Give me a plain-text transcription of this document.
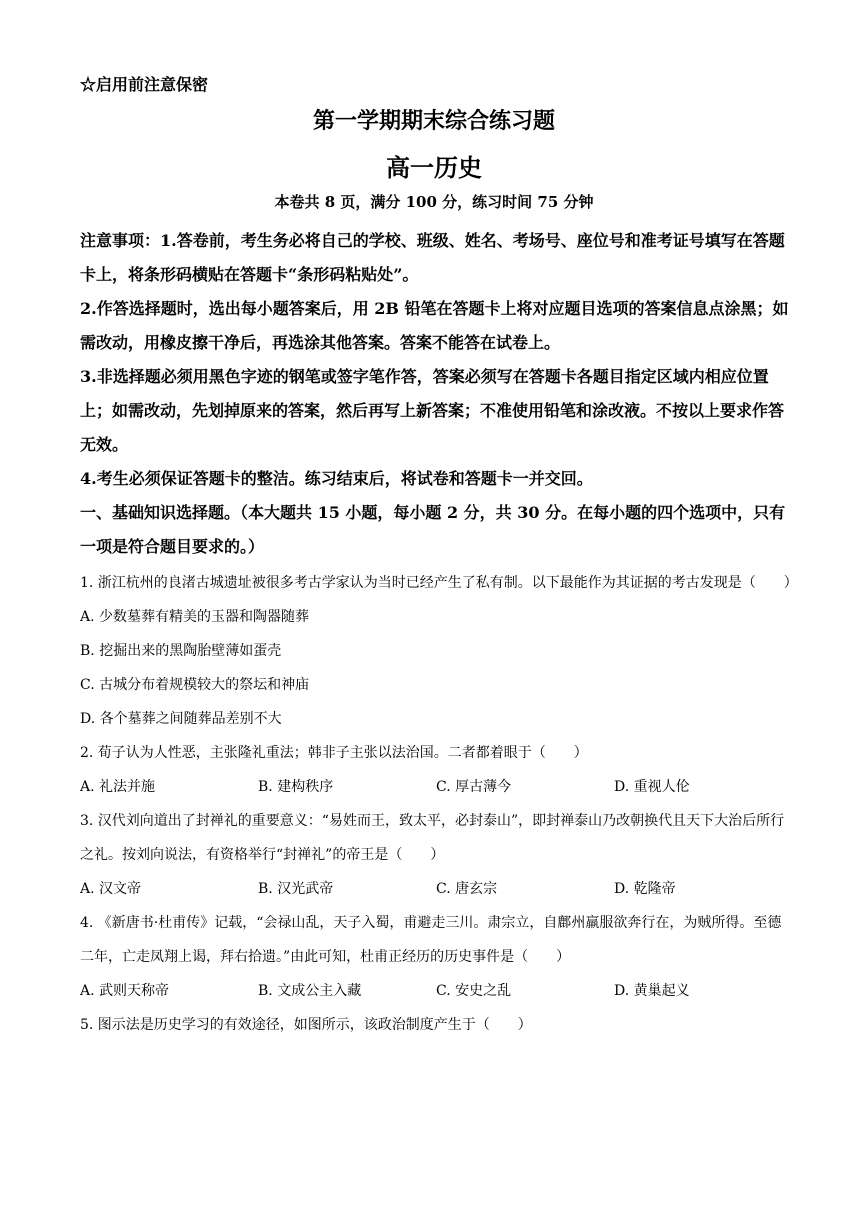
☆启用前注意保密
第一学期期末综合练习题
高一历史
本卷共 8 页，满分 100 分，练习时间 75 分钟

注意事项：1.答卷前，考生务必将自己的学校、班级、姓名、考场号、座位号和准考证号填写在答题卡上，将条形码横贴在答题卡“条形码粘贴处”。

2.作答选择题时，选出每小题答案后，用 2B 铅笔在答题卡上将对应题目选项的答案信息点涂黑；如需改动，用橡皮擦干净后，再选涂其他答案。答案不能答在试卷上。

3.非选择题必须用黑色字迹的钢笔或签字笔作答，答案必须写在答题卡各题目指定区域内相应位置上；如需改动，先划掉原来的答案，然后再写上新答案；不准使用铅笔和涂改液。不按以上要求作答无效。

4.考生必须保证答题卡的整洁。练习结束后，将试卷和答题卡一并交回。

一、基础知识选择题。（本大题共 15 小题，每小题 2 分，共 30 分。在每小题的四个选项中，只有一项是符合题目要求的。）

1. 浙江杭州的良渚古城遗址被很多考古学家认为当时已经产生了私有制。以下最能作为其证据的考古发现是（　　）

A. 少数墓葬有精美的玉器和陶器随葬
B. 挖掘出来的黑陶胎壁薄如蛋壳
C. 古城分布着规模较大的祭坛和神庙
D. 各个墓葬之间随葬品差别不大

2. 荀子认为人性恶，主张隆礼重法；韩非子主张以法治国。二者都着眼于（　　）

A. 礼法并施	B. 建构秩序	C. 厚古薄今	D. 重视人伦

3. 汉代刘向道出了封禅礼的重要意义：“易姓而王，致太平，必封泰山”，即封禅泰山乃改朝换代且天下大治后所行之礼。按刘向说法，有资格举行“封禅礼”的帝王是（　　）

A. 汉文帝	B. 汉光武帝	C. 唐玄宗	D. 乾隆帝

4. 《新唐书·杜甫传》记载，“会禄山乱，天子入蜀，甫避走三川。肃宗立，自鄜州羸服欲奔行在，为贼所得。至德二年，亡走凤翔上谒，拜右拾遗。”由此可知，杜甫正经历的历史事件是（　　）

A. 武则天称帝	B. 文成公主入藏	C. 安史之乱	D. 黄巢起义

5. 图示法是历史学习的有效途径，如图所示，该政治制度产生于（　　）
